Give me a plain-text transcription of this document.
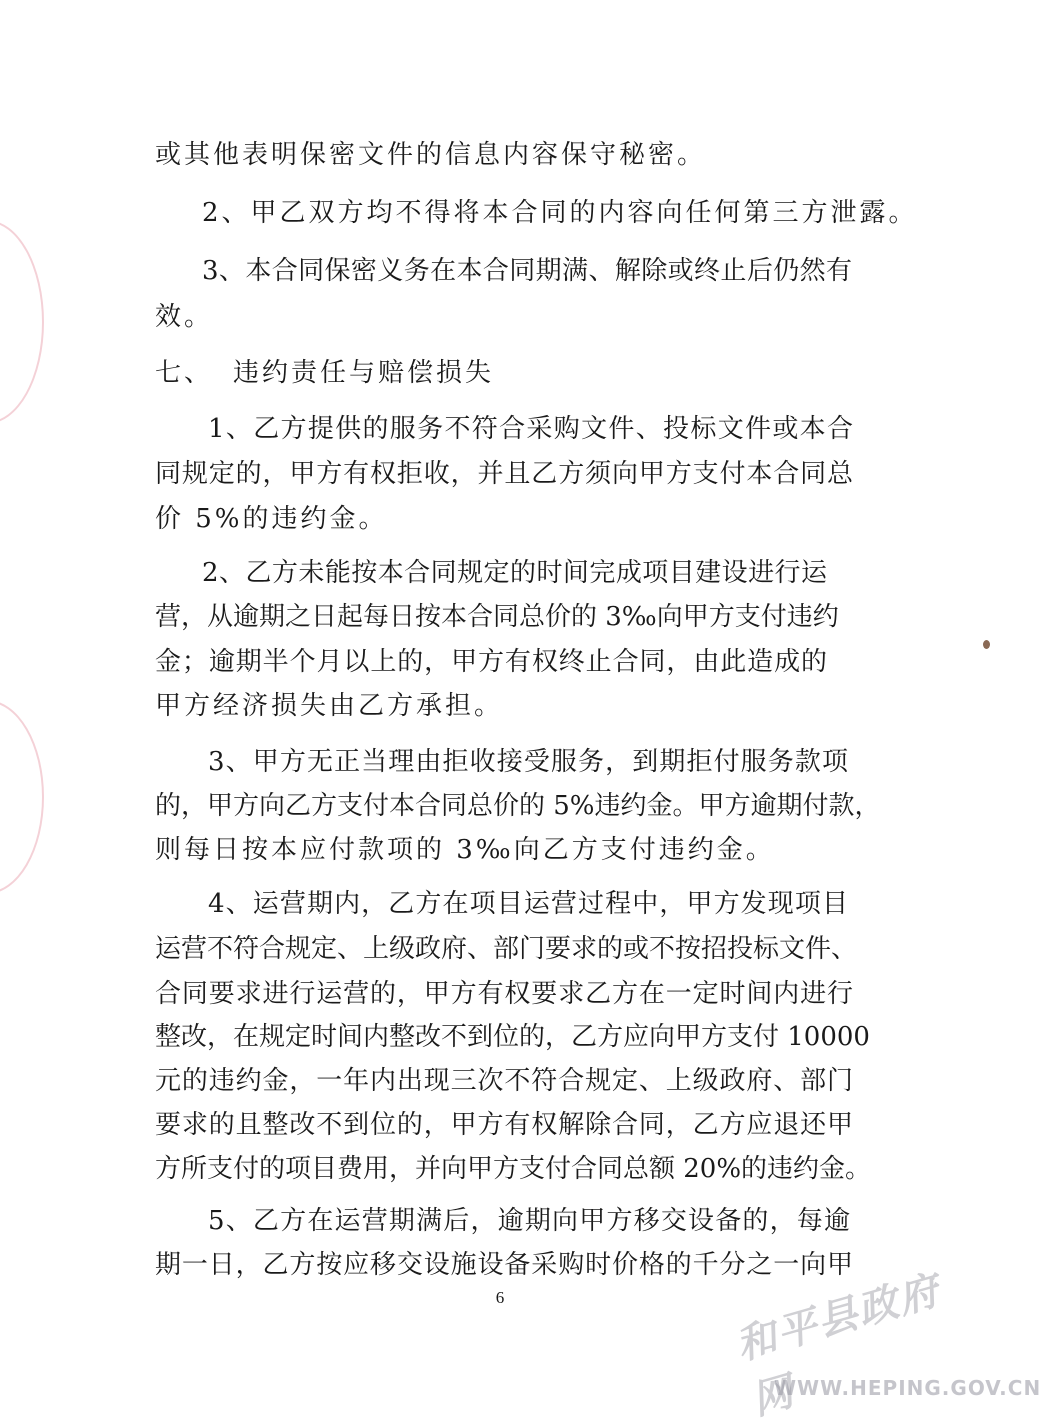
或其他表明保密文件的信息内容保守秘密。
2、甲乙双方均不得将本合同的内容向任何第三方泄露。
3、本合同保密义务在本合同期满、解除或终止后仍然有
效。
七、 违约责任与赔偿损失
1、乙方提供的服务不符合采购文件、投标文件或本合
同规定的，甲方有权拒收，并且乙方须向甲方支付本合同总
价 5%的违约金。
2、乙方未能按本合同规定的时间完成项目建设进行运
营，从逾期之日起每日按本合同总价的 3‰向甲方支付违约
金；逾期半个月以上的，甲方有权终止合同，由此造成的
甲方经济损失由乙方承担。
3、甲方无正当理由拒收接受服务，到期拒付服务款项
的，甲方向乙方支付本合同总价的 5%违约金。甲方逾期付款，
则每日按本应付款项的 3‰向乙方支付违约金。
4、运营期内，乙方在项目运营过程中，甲方发现项目
运营不符合规定、上级政府、部门要求的或不按招投标文件、
合同要求进行运营的，甲方有权要求乙方在一定时间内进行
整改，在规定时间内整改不到位的，乙方应向甲方支付 10000
元的违约金，一年内出现三次不符合规定、上级政府、部门
要求的且整改不到位的，甲方有权解除合同，乙方应退还甲
方所支付的项目费用，并向甲方支付合同总额 20%的违约金。
5、乙方在运营期满后，逾期向甲方移交设备的，每逾
期一日，乙方按应移交设施设备采购时价格的千分之一向甲
6	和平县政府网
WWW.HEPING.GOV.CN
